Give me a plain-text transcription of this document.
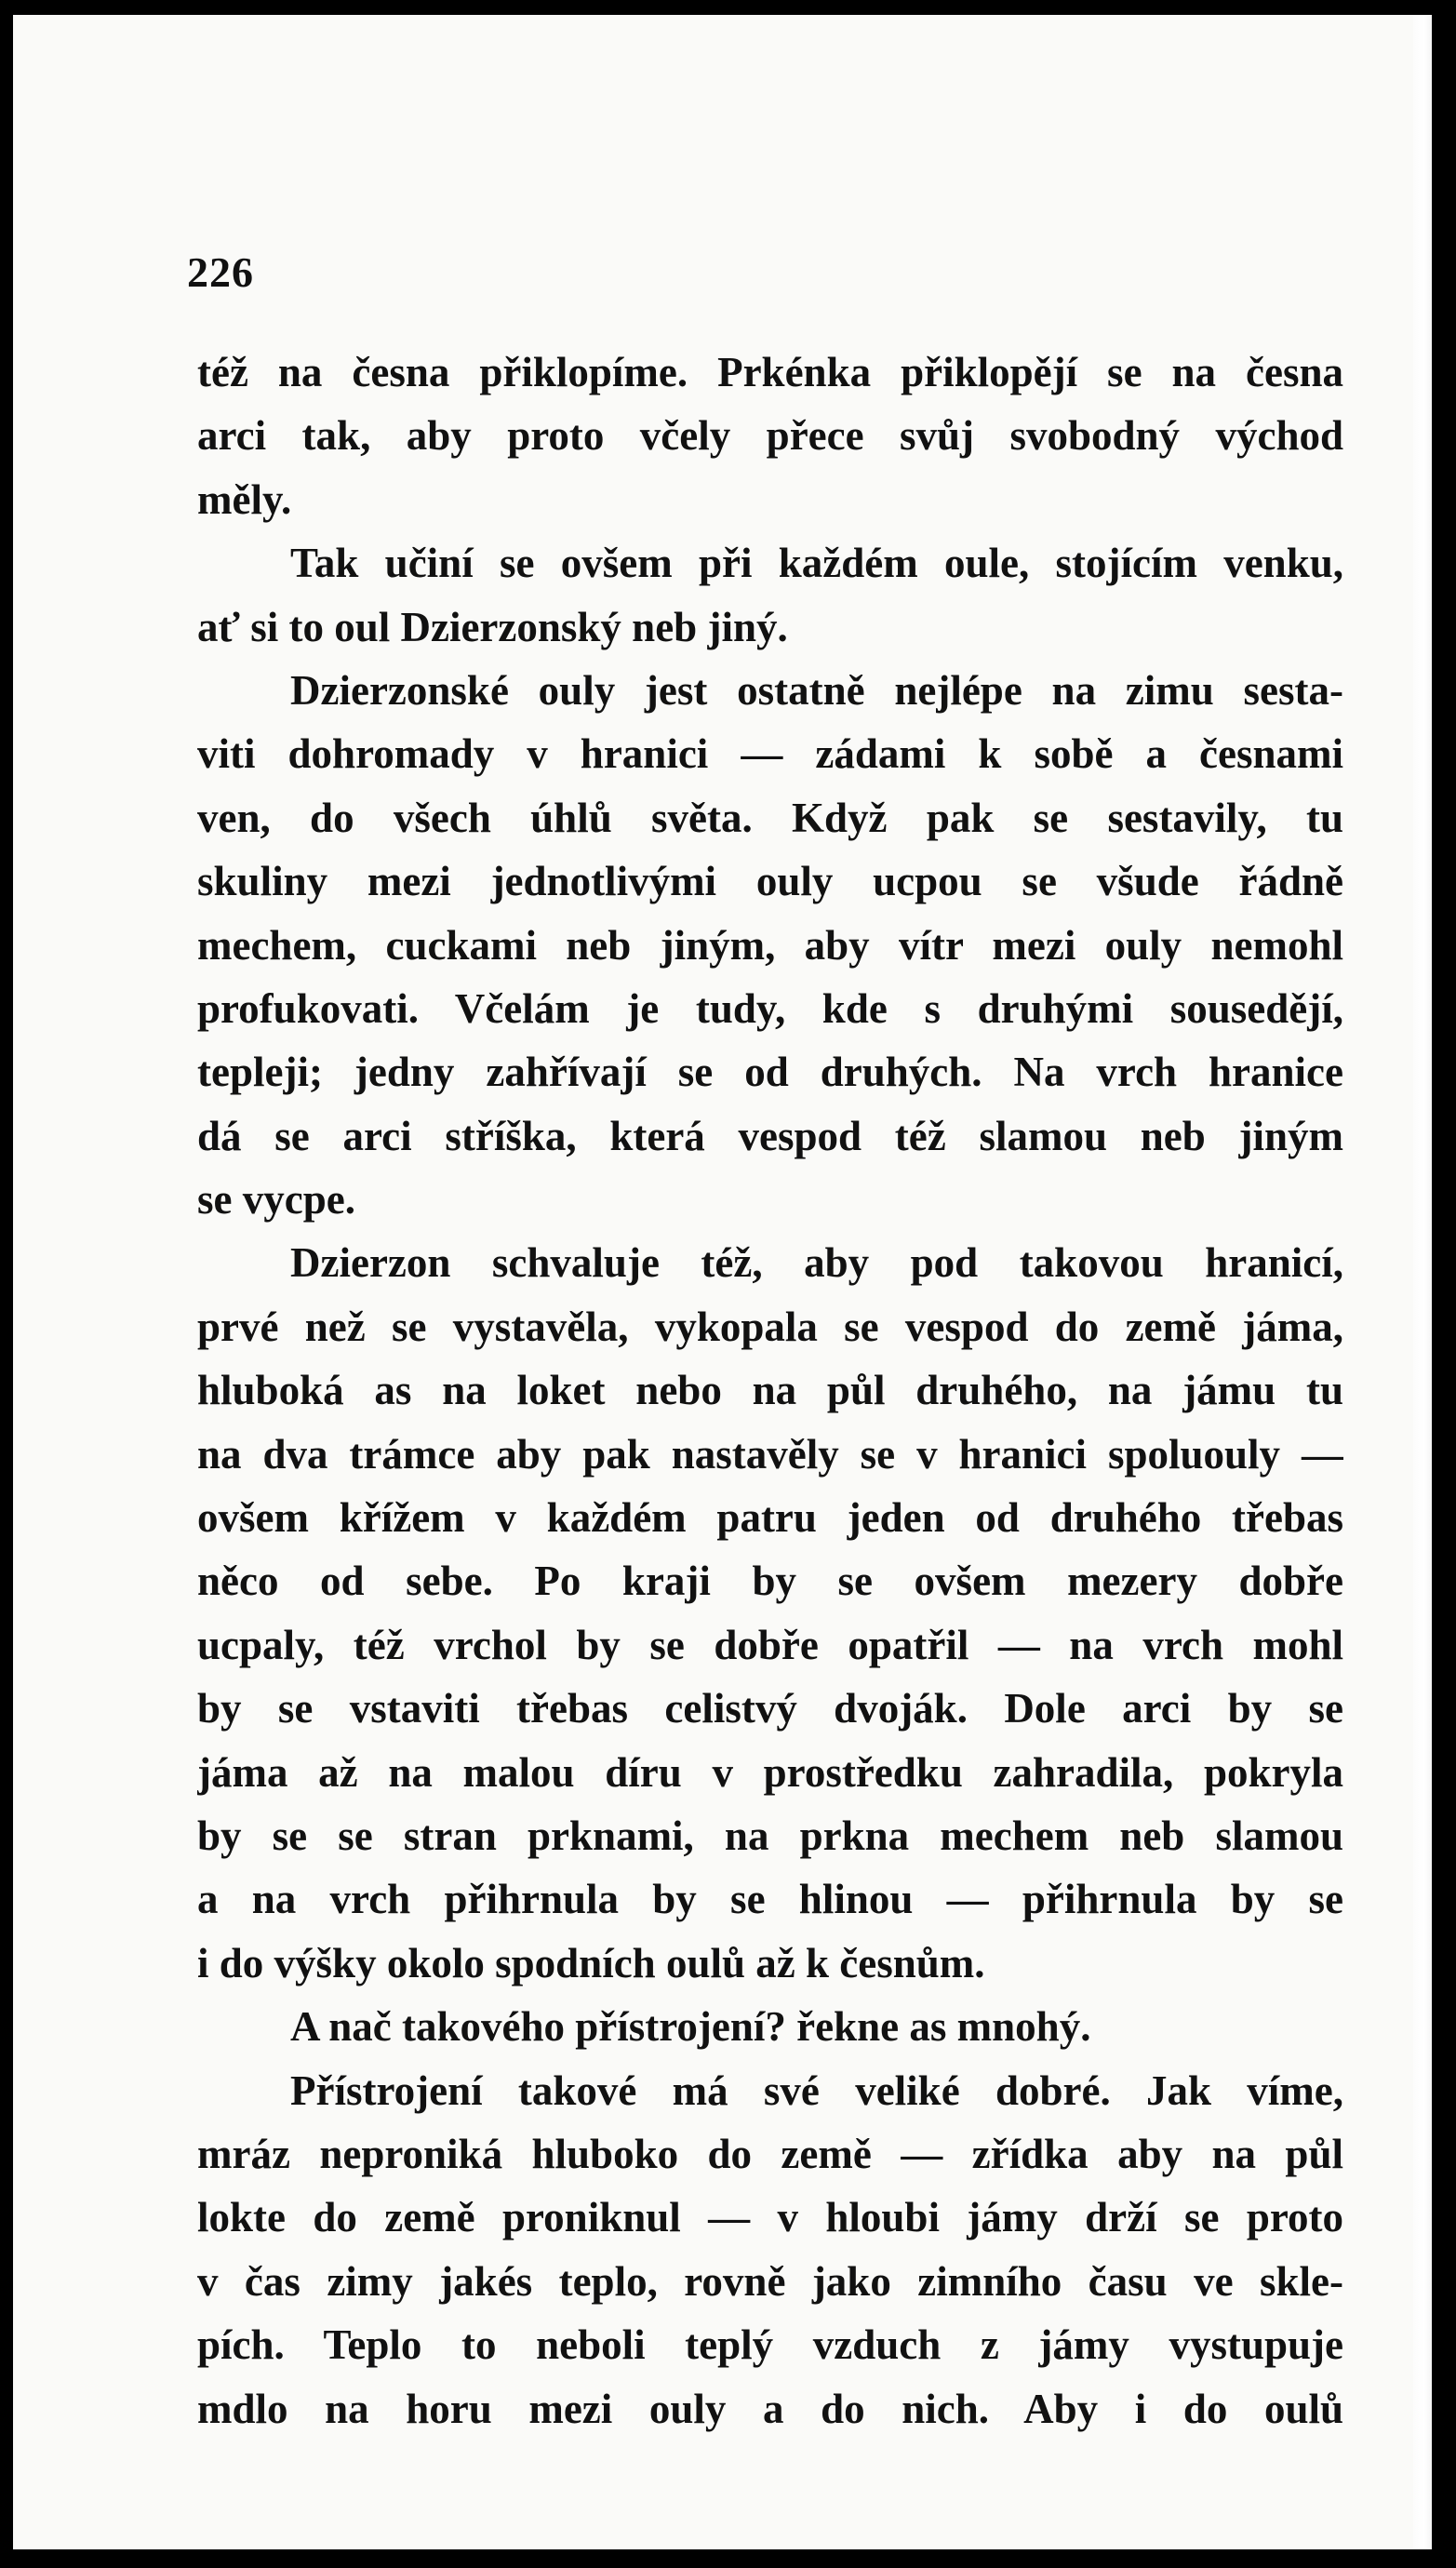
226
též na česna přiklopíme. Prkénka přiklopějí se na česna
arci tak, aby proto včely přece svůj svobodný východ
měly.
Tak učiní se ovšem při každém oule, stojícím venku,
ať si to oul Dzierzonský neb jiný.
Dzierzonské ouly jest ostatně nejlépe na zimu sesta-
viti dohromady v hranici — zádami k sobě a česnami
ven, do všech úhlů světa. Když pak se sestavily, tu
skuliny mezi jednotlivými ouly ucpou se všude řádně
mechem, cuckami neb jiným, aby vítr mezi ouly nemohl
profukovati. Včelám je tudy, kde s druhými sousedějí,
tepleji; jedny zahřívají se od druhých. Na vrch hranice
dá se arci stříška, která vespod též slamou neb jiným
se vycpe.
Dzierzon schvaluje též, aby pod takovou hranicí,
prvé než se vystavěla, vykopala se vespod do země jáma,
hluboká as na loket nebo na půl druhého, na jámu tu
na dva trámce aby pak nastavěly se v hranici spoluouly —
ovšem křížem v každém patru jeden od druhého třebas
něco od sebe. Po kraji by se ovšem mezery dobře
ucpaly, též vrchol by se dobře opatřil — na vrch mohl
by se vstaviti třebas celistvý dvoják. Dole arci by se
jáma až na malou díru v prostředku zahradila, pokryla
by se se stran prknami, na prkna mechem neb slamou
a na vrch přihrnula by se hlinou — přihrnula by se
i do výšky okolo spodních oulů až k česnům.
A nač takového přístrojení? řekne as mnohý.
Přístrojení takové má své veliké dobré. Jak víme,
mráz neproniká hluboko do země — zřídka aby na půl
lokte do země proniknul — v hloubi jámy drží se proto
v čas zimy jakés teplo, rovně jako zimního času ve skle-
pích. Teplo to neboli teplý vzduch z jámy vystupuje
mdlo na horu mezi ouly a do nich. Aby i do oulů
